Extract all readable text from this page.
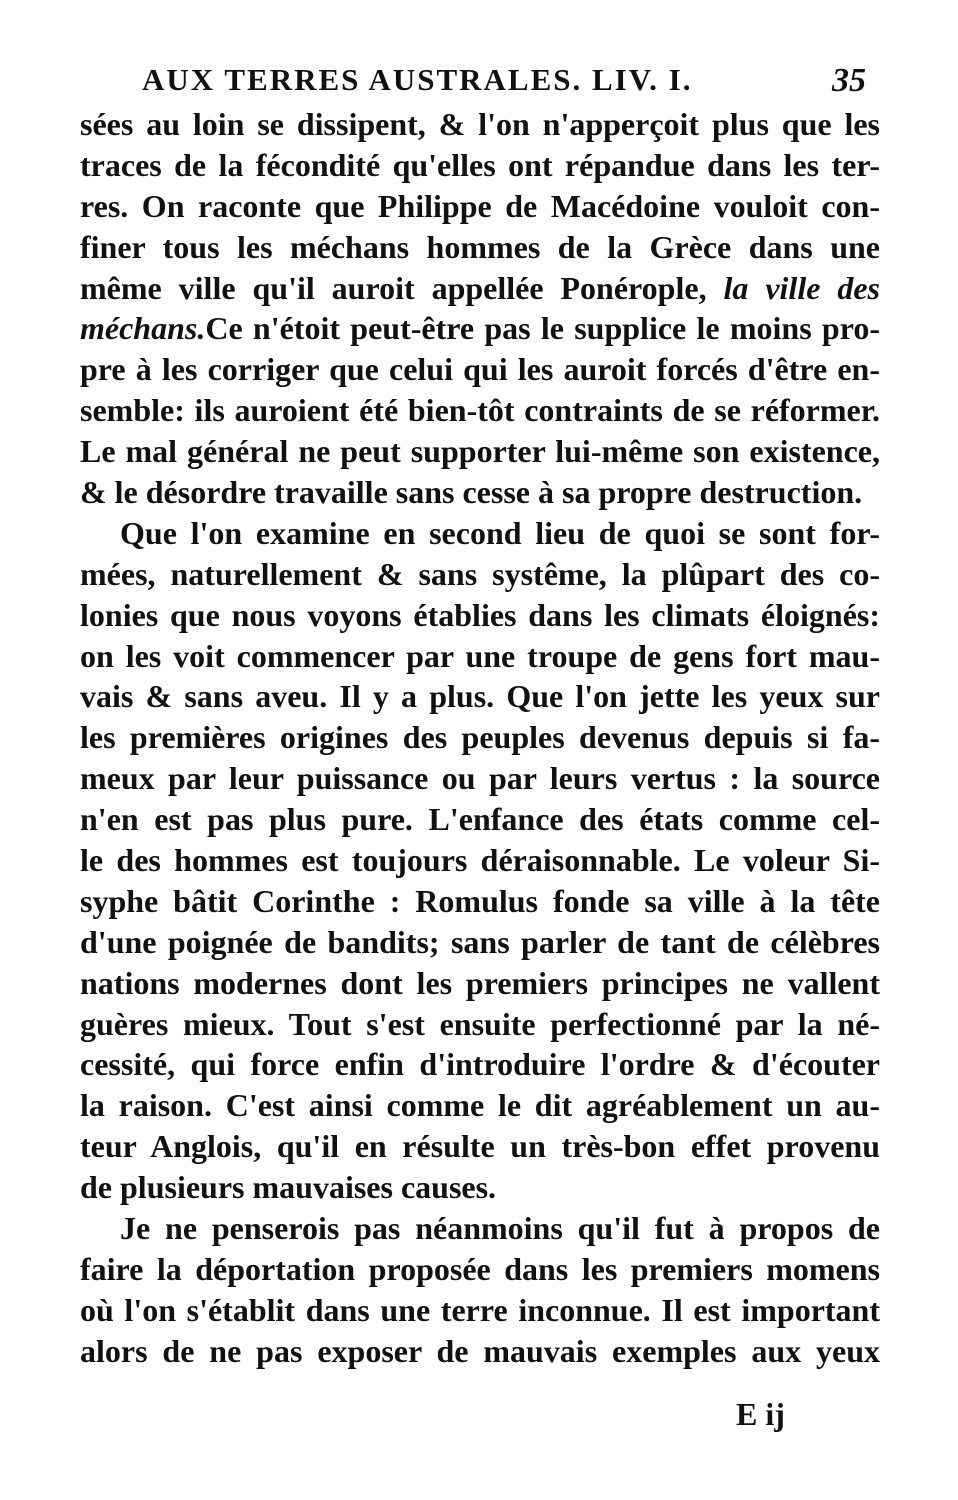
AUX TERRES AUSTRALES. LIV. I.	35
sées au loin se dissipent, & l'on n'apperçoit plus que les
traces de la fécondité qu'elles ont répandue dans les ter-
res. On raconte que Philippe de Macédoine vouloit con-
finer tous les méchans hommes de la Grèce dans une
même ville qu'il auroit appellée Ponérople, la ville des
méchans.Ce n'étoit peut-être pas le supplice le moins pro-
pre à les corriger que celui qui les auroit forcés d'être en-
semble: ils auroient été bien-tôt contraints de se réformer.
Le mal général ne peut supporter lui-même son existence,
& le désordre travaille sans cesse à sa propre destruction.
Que l'on examine en second lieu de quoi se sont for-
mées, naturellement & sans systême, la plûpart des co-
lonies que nous voyons établies dans les climats éloignés:
on les voit commencer par une troupe de gens fort mau-
vais & sans aveu. Il y a plus. Que l'on jette les yeux sur
les premières origines des peuples devenus depuis si fa-
meux par leur puissance ou par leurs vertus : la source
n'en est pas plus pure. L'enfance des états comme cel-
le des hommes est toujours déraisonnable. Le voleur Si-
syphe bâtit Corinthe : Romulus fonde sa ville à la tête
d'une poignée de bandits; sans parler de tant de célèbres
nations modernes dont les premiers principes ne vallent
guères mieux. Tout s'est ensuite perfectionné par la né-
cessité, qui force enfin d'introduire l'ordre & d'écouter
la raison. C'est ainsi comme le dit agréablement un au-
teur Anglois, qu'il en résulte un très-bon effet provenu
de plusieurs mauvaises causes.
Je ne penserois pas néanmoins qu'il fut à propos de
faire la déportation proposée dans les premiers momens
où l'on s'établit dans une terre inconnue. Il est important
alors de ne pas exposer de mauvais exemples aux yeux
E ij
